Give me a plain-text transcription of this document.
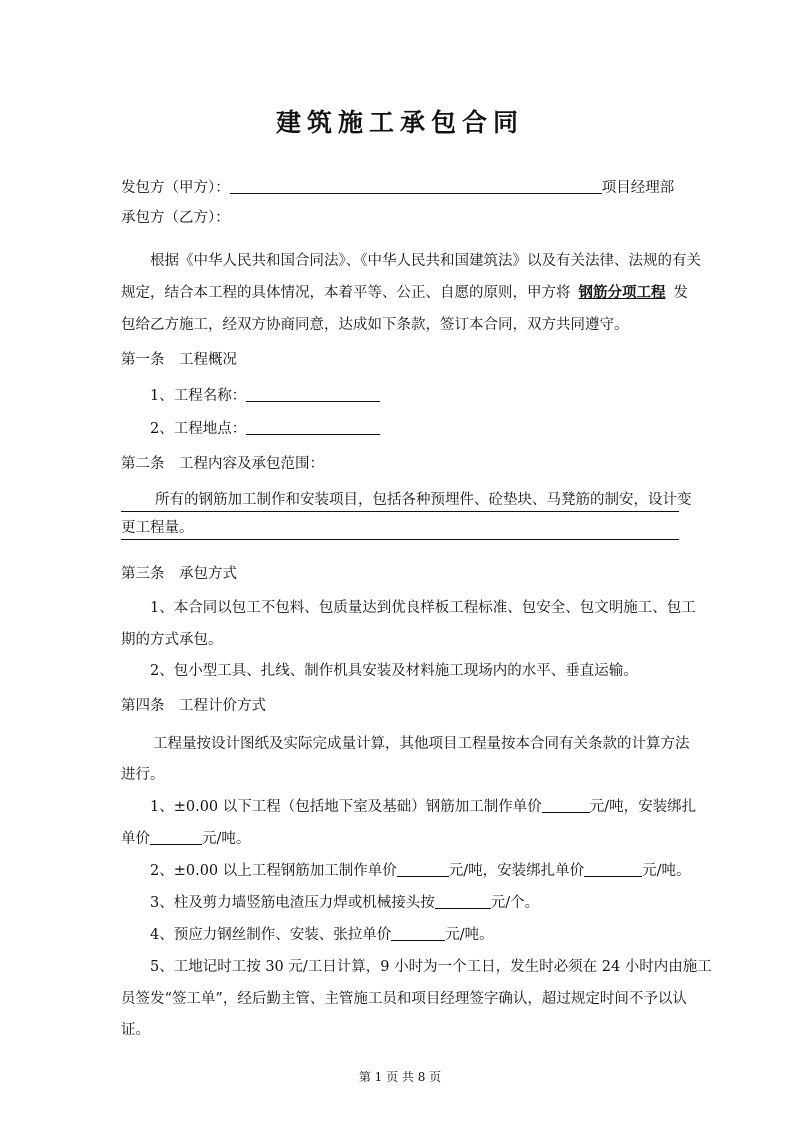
建筑施工承包合同
发包方（甲方）：	项目经理部
承包方（乙方）：
根据《中华人民共和国合同法》、《中华人民共和国建筑法》以及有关法律、法规的有关
规定，结合本工程的具体情况，本着平等、公正、自愿的原则，甲方将 钢筋分项工程 发
包给乙方施工，经双方协商同意，达成如下条款，签订本合同，双方共同遵守。
第一条　工程概况
1、工程名称：
2、工程地点：
第二条　工程内容及承包范围：
所有的钢筋加工制作和安装项目，包括各种预埋件、砼垫块、马凳筋的制安，设计变
更工程量。
第三条　承包方式
1、本合同以包工不包料、包质量达到优良样板工程标准、包安全、包文明施工、包工
期的方式承包。
2、包小型工具、扎线、制作机具安装及材料施工现场内的水平、垂直运输。
第四条　工程计价方式
工程量按设计图纸及实际完成量计算，其他项目工程量按本合同有关条款的计算方法
进行。
1、±0.00 以下工程（包括地下室及基础）钢筋加工制作单价	元/吨，安装绑扎
单价	元/吨。
2、±0.00 以上工程钢筋加工制作单价	元/吨，安装绑扎单价	元/吨。
3、柱及剪力墙竖筋电渣压力焊或机械接头按	元/个。
4、预应力钢丝制作、安装、张拉单价	元/吨。
5、工地记时工按 30 元/工日计算，9 小时为一个工日，发生时必须在 24 小时内由施工
员签发“签工单”，经后勤主管、主管施工员和项目经理签字确认，超过规定时间不予以认
证。
第 1 页 共 8 页
